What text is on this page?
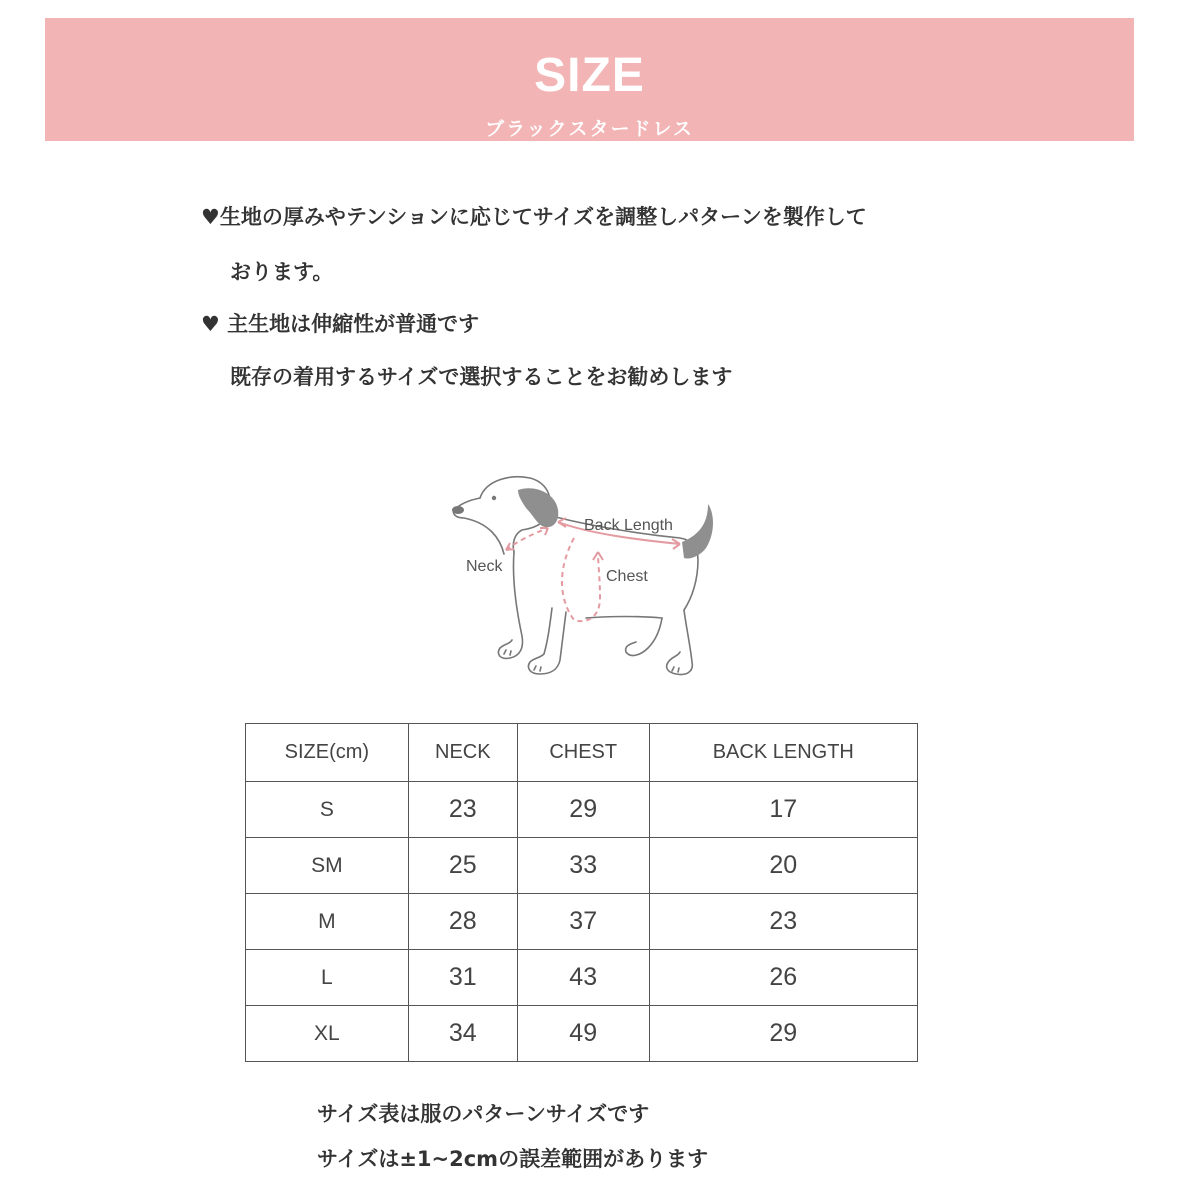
SIZE
ブラックスタードレス
♥生地の厚みやテンションに応じてサイズを調整しパターンを製作して
おります。
♥ 主生地は伸縮性が普通です
既存の着用するサイズで選択することをお勧めします
Back Length
Neck
Chest
SIZE(cm)	NECK	CHEST	BACK LENGTH
S	23	29	17
SM	25	33	20
M	28	37	23
L	31	43	26
XL	34	49	29
サイズ表は服のパターンサイズです
サイズは±1~2cmの誤差範囲があります
